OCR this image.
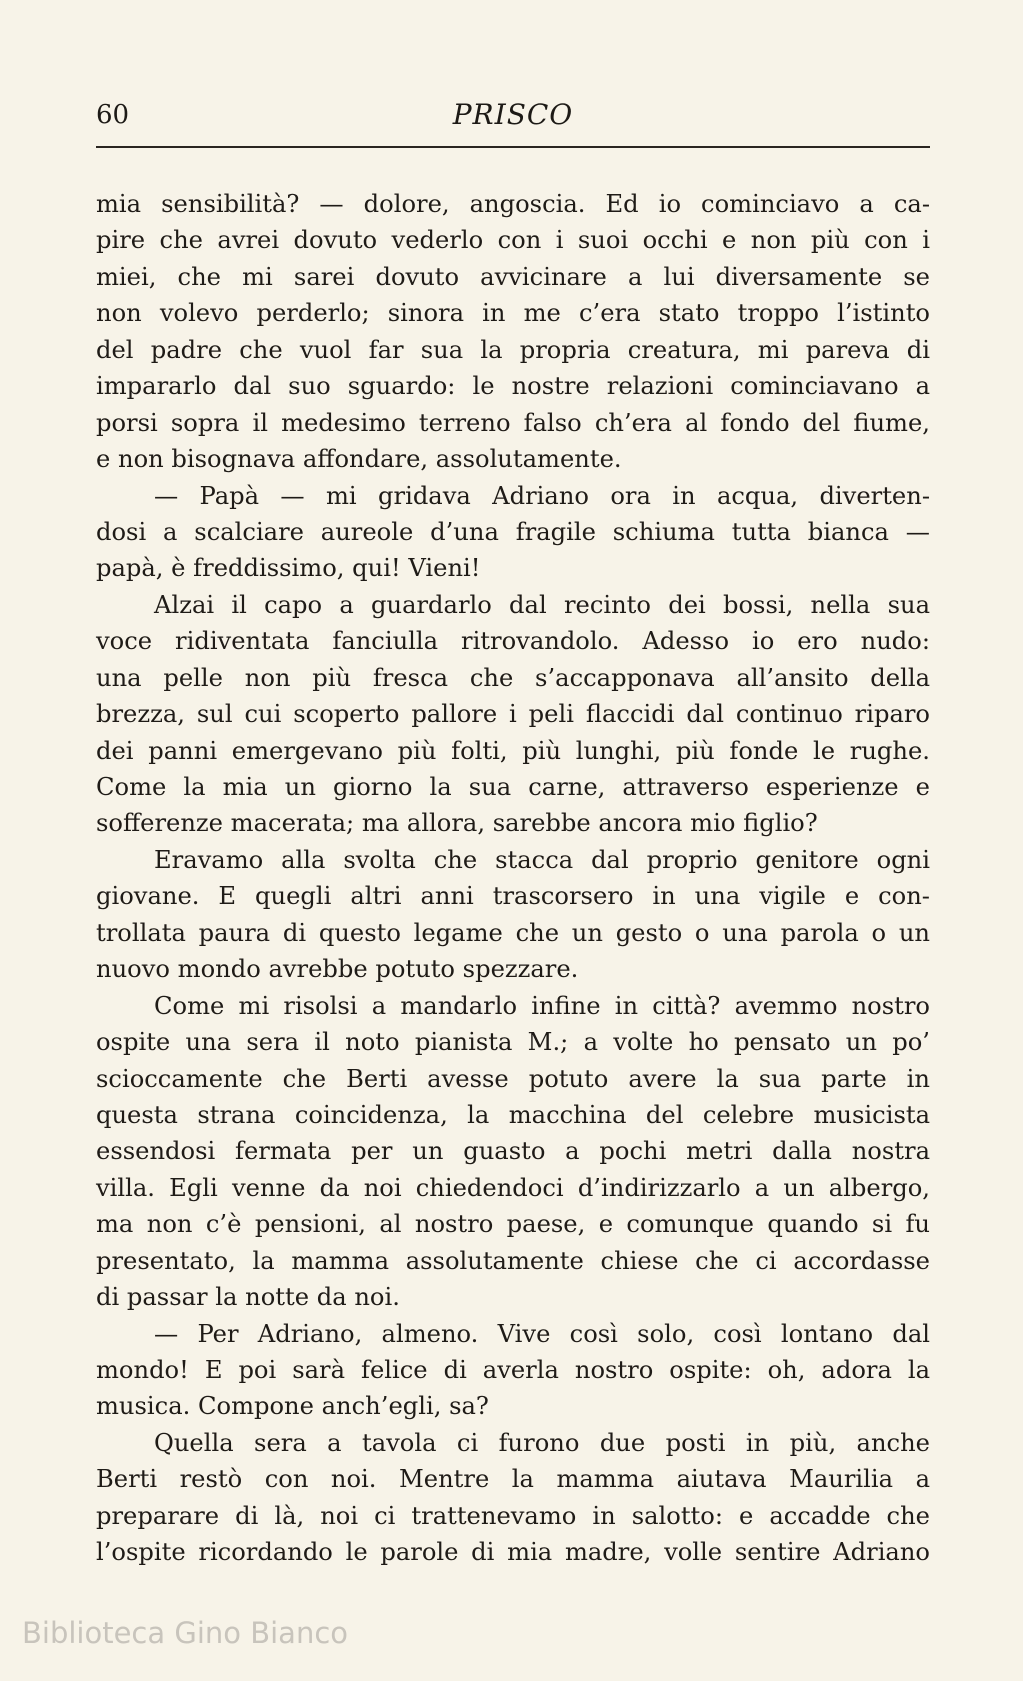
60	PRISCO
mia sensibilità? — dolore, angoscia. Ed io cominciavo a ca-
pire che avrei dovuto vederlo con i suoi occhi e non più con i
miei, che mi sarei dovuto avvicinare a lui diversamente se
non volevo perderlo; sinora in me c’era stato troppo l’istinto
del padre che vuol far sua la propria creatura, mi pareva di
impararlo dal suo sguardo: le nostre relazioni cominciavano a
porsi sopra il medesimo terreno falso ch’era al fondo del fiume,
e non bisognava affondare, assolutamente.
— Papà — mi gridava Adriano ora in acqua, diverten-
dosi a scalciare aureole d’una fragile schiuma tutta bianca —
papà, è freddissimo, qui! Vieni!
Alzai il capo a guardarlo dal recinto dei bossi, nella sua
voce ridiventata fanciulla ritrovandolo. Adesso io ero nudo:
una pelle non più fresca che s’accapponava all’ansito della
brezza, sul cui scoperto pallore i peli flaccidi dal continuo riparo
dei panni emergevano più folti, più lunghi, più fonde le rughe.
Come la mia un giorno la sua carne, attraverso esperienze e
sofferenze macerata; ma allora, sarebbe ancora mio figlio?
Eravamo alla svolta che stacca dal proprio genitore ogni
giovane. E quegli altri anni trascorsero in una vigile e con-
trollata paura di questo legame che un gesto o una parola o un
nuovo mondo avrebbe potuto spezzare.
Come mi risolsi a mandarlo infine in città? avemmo nostro
ospite una sera il noto pianista M.; a volte ho pensato un po’
scioccamente che Berti avesse potuto avere la sua parte in
questa strana coincidenza, la macchina del celebre musicista
essendosi fermata per un guasto a pochi metri dalla nostra
villa. Egli venne da noi chiedendoci d’indirizzarlo a un albergo,
ma non c’è pensioni, al nostro paese, e comunque quando si fu
presentato, la mamma assolutamente chiese che ci accordasse
di passar la notte da noi.
— Per Adriano, almeno. Vive così solo, così lontano dal
mondo! E poi sarà felice di averla nostro ospite: oh, adora la
musica. Compone anch’egli, sa?
Quella sera a tavola ci furono due posti in più, anche
Berti restò con noi. Mentre la mamma aiutava Maurilia a
preparare di là, noi ci trattenevamo in salotto: e accadde che
l’ospite ricordando le parole di mia madre, volle sentire Adriano
Biblioteca Gino Bianco
